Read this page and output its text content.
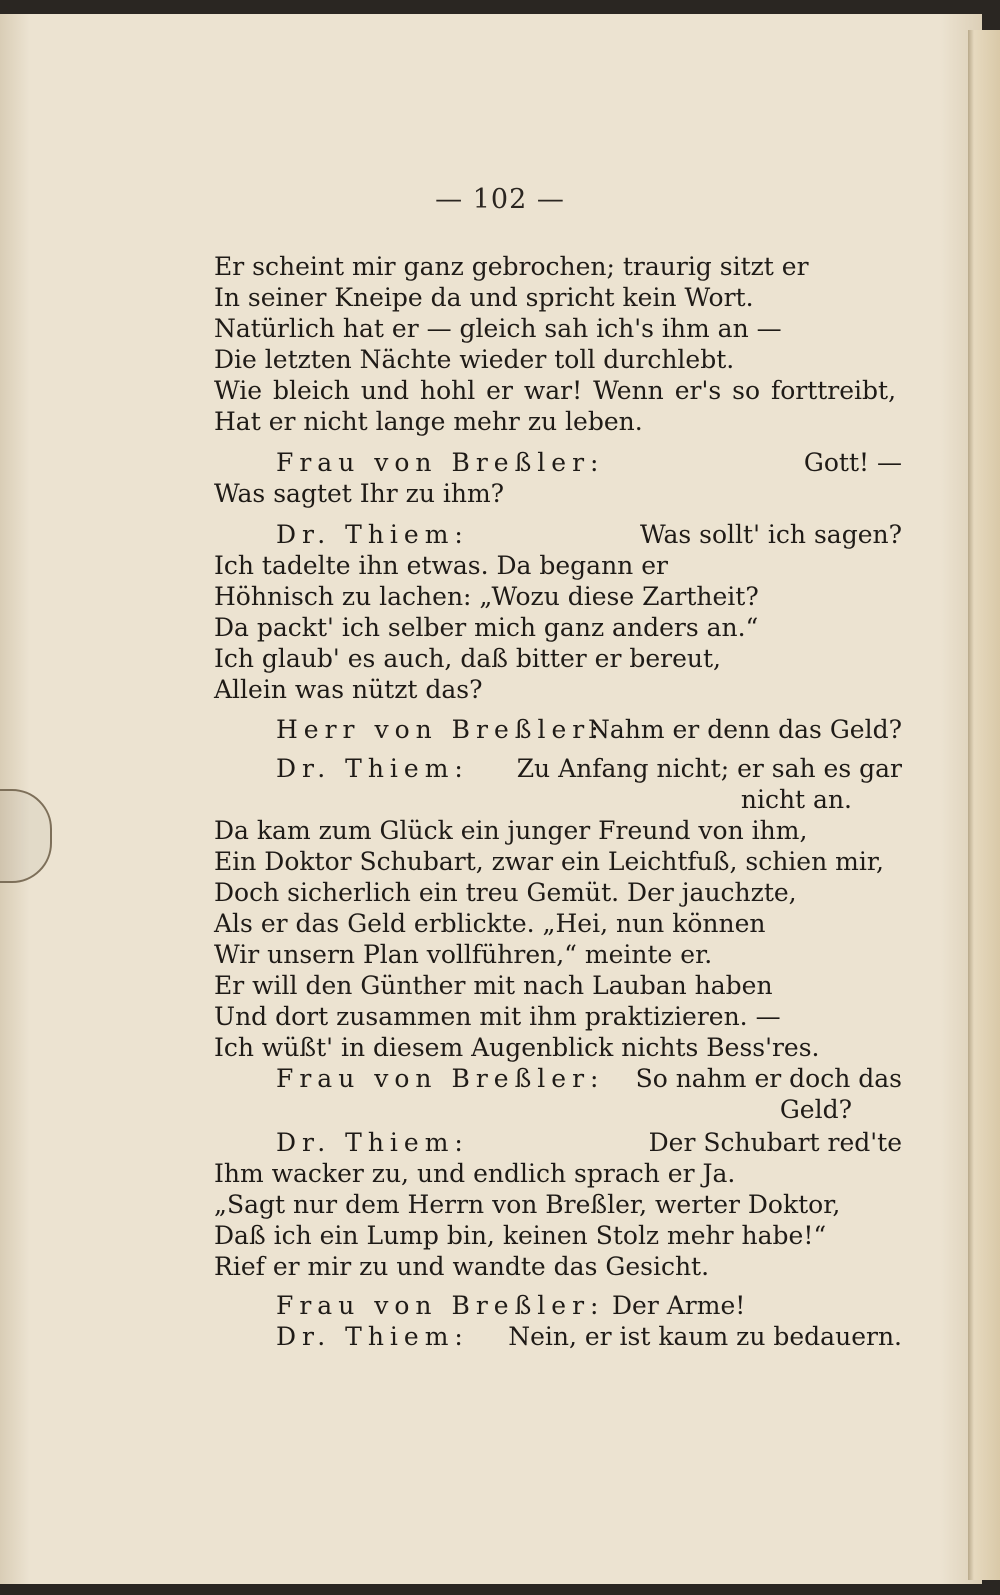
— 102 —
Er scheint mir ganz gebrochen; traurig sitzt er
In seiner Kneipe da und spricht kein Wort.
Natürlich hat er — gleich sah ich's ihm an —
Die letzten Nächte wieder toll durchlebt.
Wie bleich und hohl er war! Wenn er's so forttreibt,
Hat er nicht lange mehr zu leben.
Frau von Breßler:	Gott! —
Was sagtet Ihr zu ihm?
Dr. Thiem:	Was sollt' ich sagen?
Ich tadelte ihn etwas. Da begann er
Höhnisch zu lachen: „Wozu diese Zartheit?
Da packt' ich selber mich ganz anders an.“
Ich glaub' es auch, daß bitter er bereut,
Allein was nützt das?
Herr von Breßler:
Nahm er denn das Geld?
Dr. Thiem: Zu Anfang nicht; er sah es gar
nicht an.
Da kam zum Glück ein junger Freund von ihm,
Ein Doktor Schubart, zwar ein Leichtfuß, schien mir,
Doch sicherlich ein treu Gemüt. Der jauchzte,
Als er das Geld erblickte. „Hei, nun können
Wir unsern Plan vollführen,“ meinte er.
Er will den Günther mit nach Lauban haben
Und dort zusammen mit ihm praktizieren. —
Ich wüßt' in diesem Augenblick nichts Bess'res.
Frau von Breßler: So nahm er doch das
Geld?
Dr. Thiem:	Der Schubart red'te
Ihm wacker zu, und endlich sprach er Ja.
„Sagt nur dem Herrn von Breßler, werter Doktor,
Daß ich ein Lump bin, keinen Stolz mehr habe!“
Rief er mir zu und wandte das Gesicht.
Frau von Breßler: Der Arme!
Dr. Thiem: Nein, er ist kaum zu bedauern.
